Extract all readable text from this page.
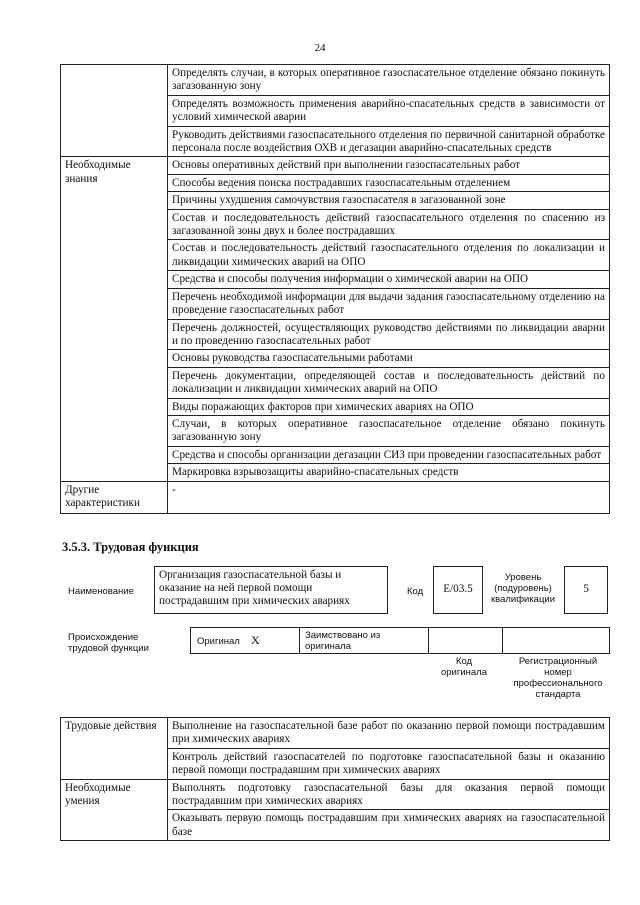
24
	Определять случаи, в которых оперативное газоспасательное отделение обязано покинуть загазованную зону
	Определять возможность применения аварийно-спасательных средств в зависимости от условий химической аварии
	Руководить действиями газоспасательного отделения по первичной санитарной обработке персонала после воздействия ОХВ и дегазации аварийно-спасательных средств
Необходимые знания	Основы оперативных действий при выполнении газоспасательных работ
	Способы ведения поиска пострадавших газоспасательным отделением
	Причины ухудшения самочувствия газоспасателя в загазованной зоне
	Состав и последовательность действий газоспасательного отделения по спасению из загазованной зоны двух и более пострадавших
	Состав и последовательность действий газоспасательного отделения по локализации и ликвидации химических аварий на ОПО
	Средства и способы получения информации о химической аварии на ОПО
	Перечень необходимой информации для выдачи задания газоспасательному отделению на проведение газоспасательных работ
	Перечень должностей, осуществляющих руководство действиями по ликвидации аварии и по проведению газоспасательных работ
	Основы руководства газоспасательными работами
	Перечень документации, определяющей состав и последовательность действий по локализации и ликвидации химических аварий на ОПО
	Виды поражающих факторов при химических авариях на ОПО
	Случаи, в которых оперативное газоспасательное отделение обязано покинуть загазованную зону
	Средства и способы организации дегазации СИЗ при проведении газоспасательных работ
	Маркировка взрывозащиты аварийно-спасательных средств
Другие характеристики	-
3.5.3. Трудовая функция
Наименование
Организация газоспасательной базы и оказание на ней первой помощи пострадавшим при химических авариях
Код	E/03.5
Уровень (подуровень) квалификации
5
Происхождение трудовой функции
Оригинал X	Заимствовано из оригинала
Код оригинала
Регистрационный номер профессионального стандарта
Трудовые действия	Выполнение на газоспасательной базе работ по оказанию первой помощи пострадавшим при химических авариях
	Контроль действий газоспасателей по подготовке газоспасательной базы и оказанию первой помощи пострадавшим при химических авариях
Необходимые умения	Выполнять подготовку газоспасательной базы для оказания первой помощи пострадавшим при химических авариях
	Оказывать первую помощь пострадавшим при химических авариях на газоспасательной базе
